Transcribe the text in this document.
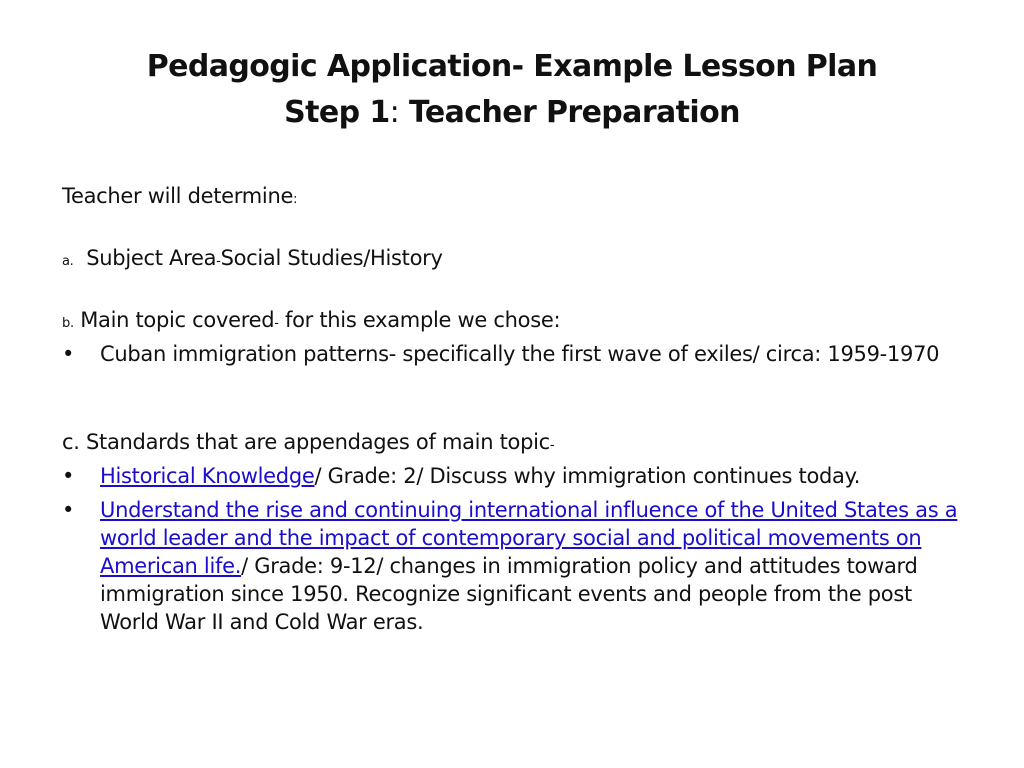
Pedagogic Application- Example Lesson Plan
Step 1: Teacher Preparation
Teacher will determine:
a. Subject Area-Social Studies/History
b. Main topic covered- for this example we chose:
•	Cuban immigration patterns- specifically the first wave of exiles/ circa: 1959-1970
c. Standards that are appendages of main topic-
•	Historical Knowledge/ Grade: 2/ Discuss why immigration continues today.
•	Understand the rise and continuing international influence of the United States as a world leader and the impact of contemporary social and political movements on American life./ Grade: 9-12/ changes in immigration policy and attitudes toward immigration since 1950. Recognize significant events and people from the post World War II and Cold War eras.
